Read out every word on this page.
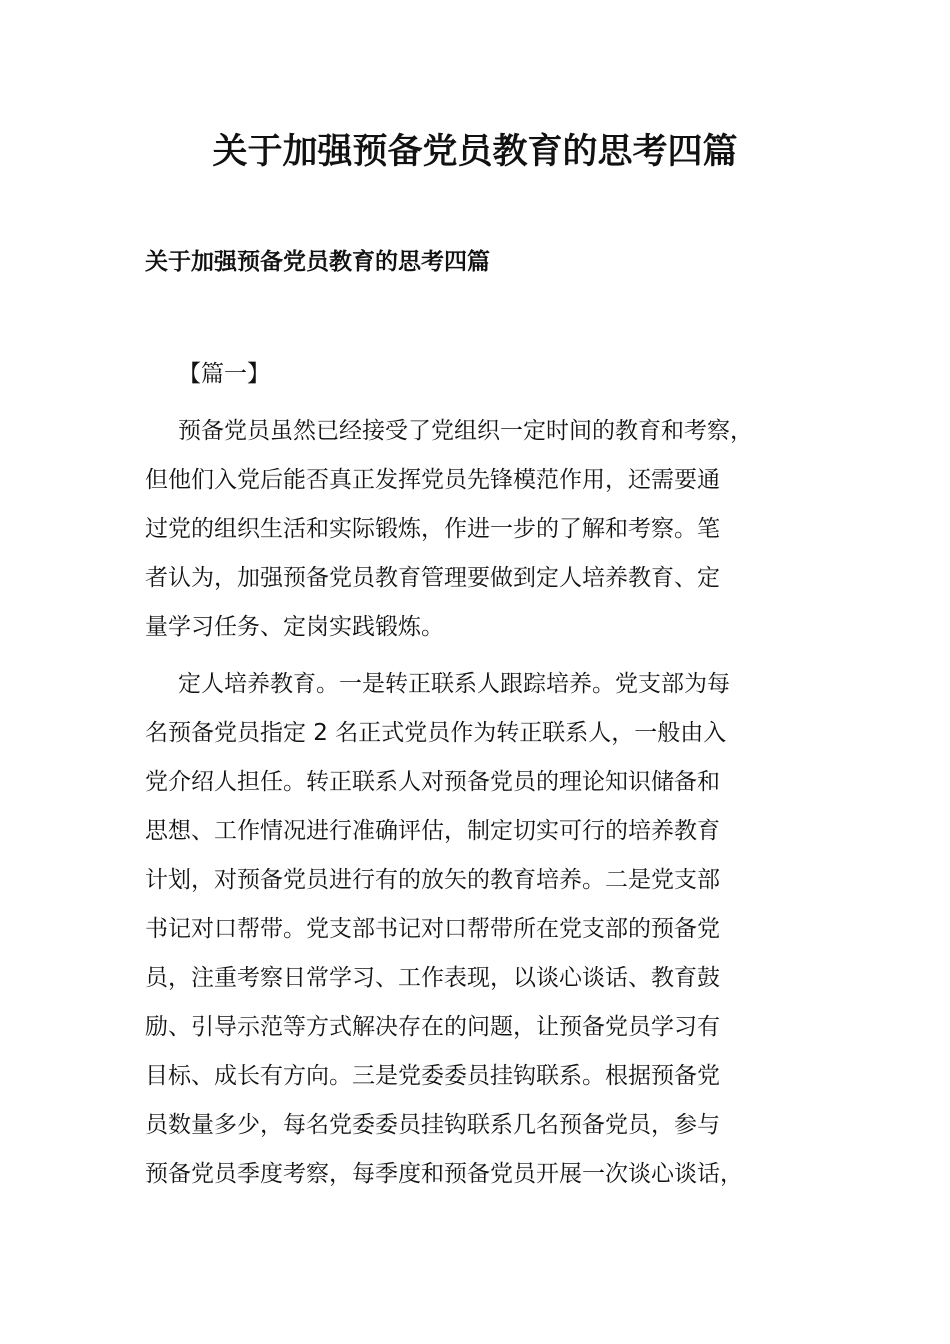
关于加强预备党员教育的思考四篇
关于加强预备党员教育的思考四篇
【篇一】
预备党员虽然已经接受了党组织一定时间的教育和考察，
但他们入党后能否真正发挥党员先锋模范作用，还需要通
过党的组织生活和实际锻炼，作进一步的了解和考察。笔
者认为，加强预备党员教育管理要做到定人培养教育、定
量学习任务、定岗实践锻炼。
定人培养教育。一是转正联系人跟踪培养。党支部为每
名预备党员指定 2 名正式党员作为转正联系人，一般由入
党介绍人担任。转正联系人对预备党员的理论知识储备和
思想、工作情况进行准确评估，制定切实可行的培养教育
计划，对预备党员进行有的放矢的教育培养。二是党支部
书记对口帮带。党支部书记对口帮带所在党支部的预备党
员，注重考察日常学习、工作表现，以谈心谈话、教育鼓
励、引导示范等方式解决存在的问题，让预备党员学习有
目标、成长有方向。三是党委委员挂钩联系。根据预备党
员数量多少，每名党委委员挂钩联系几名预备党员，参与
预备党员季度考察，每季度和预备党员开展一次谈心谈话，
